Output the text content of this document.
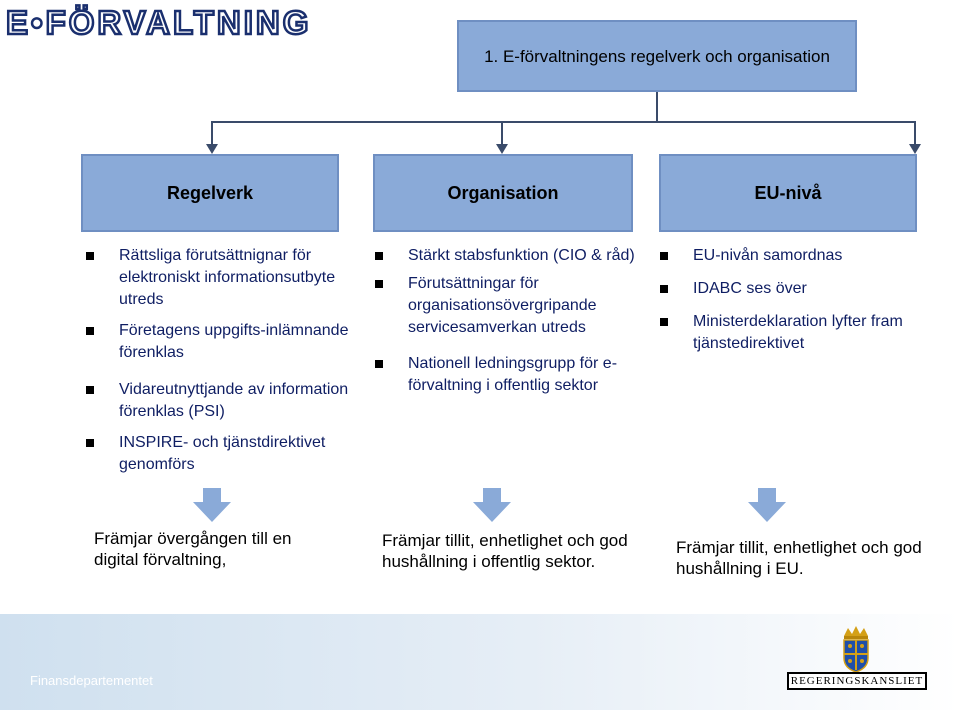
E•FÖRVALTNING
1. E-förvaltningens regelverk och organisation
Regelverk	Organisation	EU-nivå
Rättsliga förutsättnignar för elektroniskt informationsutbyte utreds
Företagens uppgifts-inlämnande förenklas
Vidareutnyttjande av information förenklas (PSI)
INSPIRE- och tjänstdirektivet genomförs
Stärkt stabsfunktion (CIO & råd)
Förutsättningar för organisationsövergripande servicesamverkan utreds
Nationell ledningsgrupp för e-förvaltning i offentlig sektor
EU-nivån samordnas
IDABC ses över
Ministerdeklaration lyfter fram tjänstedirektivet
Främjar övergången till en digital förvaltning,
Främjar tillit, enhetlighet och god hushållning i offentlig sektor.
Främjar tillit, enhetlighet och god hushållning i EU.
Finansdepartementet	REGERINGSKANSLIET
